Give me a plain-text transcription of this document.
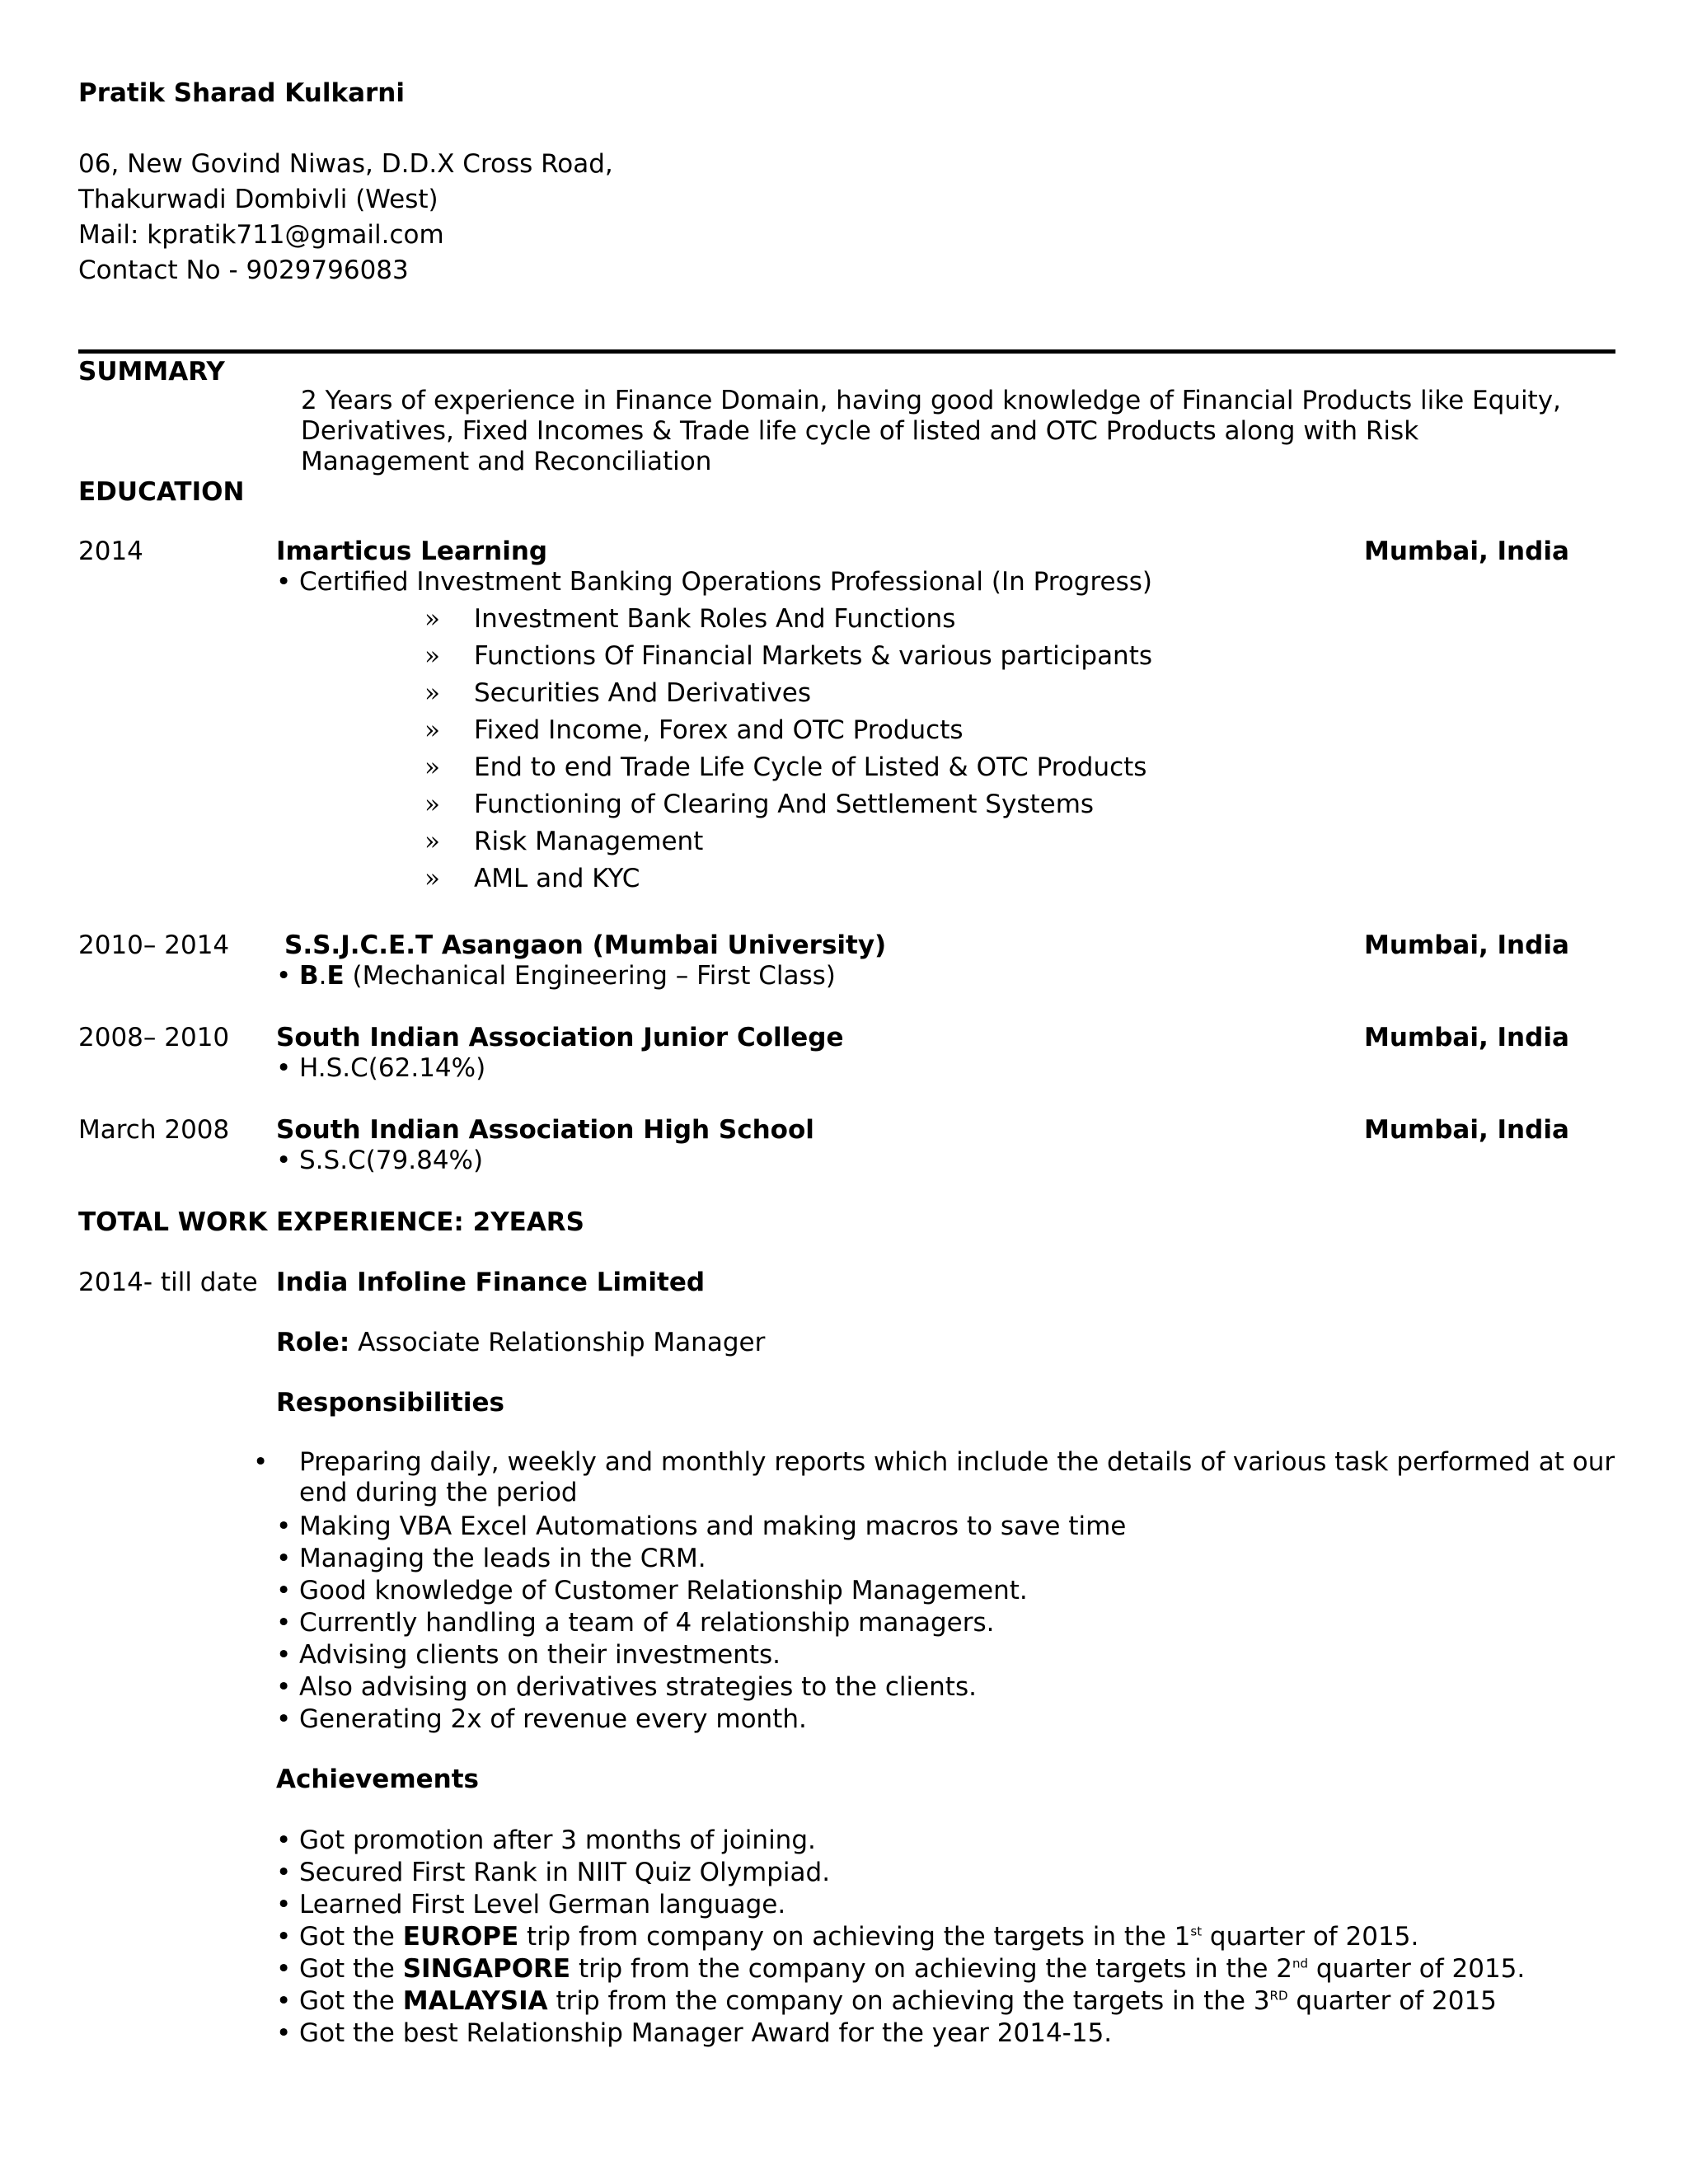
Pratik Sharad Kulkarni
06, New Govind Niwas, D.D.X Cross Road,
Thakurwadi Dombivli (West)
Mail: kpratik711@gmail.com
Contact No - 9029796083
SUMMARY
2 Years of experience in Finance Domain, having good knowledge of Financial Products like Equity, Derivatives, Fixed Incomes & Trade life cycle of listed and OTC Products along with Risk Management and Reconciliation
EDUCATION
2014	Imarticus Learning	Mumbai, India
• Certified Investment Banking Operations Professional (In Progress)
» Investment Bank Roles And Functions
» Functions Of Financial Markets & various participants
» Securities And Derivatives
» Fixed Income, Forex and OTC Products
» End to end Trade Life Cycle of Listed & OTC Products
» Functioning of Clearing And Settlement Systems
» Risk Management
» AML and KYC
2010– 2014 S.S.J.C.E.T Asangaon (Mumbai University)	Mumbai, India
• B.E (Mechanical Engineering – First Class)
2008– 2010 South Indian Association Junior College	Mumbai, India
• H.S.C(62.14%)
March 2008 South Indian Association High School	Mumbai, India
• S.S.C(79.84%)
TOTAL WORK EXPERIENCE: 2YEARS
2014- till date India Infoline Finance Limited
Role: Associate Relationship Manager
Responsibilities
• Preparing daily, weekly and monthly reports which include the details of various task performed at our end during the period
• Making VBA Excel Automations and making macros to save time
• Managing the leads in the CRM.
• Good knowledge of Customer Relationship Management.
• Currently handling a team of 4 relationship managers.
• Advising clients on their investments.
• Also advising on derivatives strategies to the clients.
• Generating 2x of revenue every month.
Achievements
• Got promotion after 3 months of joining.
• Secured First Rank in NIIT Quiz Olympiad.
• Learned First Level German language.
• Got the EUROPE trip from company on achieving the targets in the 1st quarter of 2015.
• Got the SINGAPORE trip from the company on achieving the targets in the 2nd quarter of 2015.
• Got the MALAYSIA trip from the company on achieving the targets in the 3RD quarter of 2015
• Got the best Relationship Manager Award for the year 2014-15.
